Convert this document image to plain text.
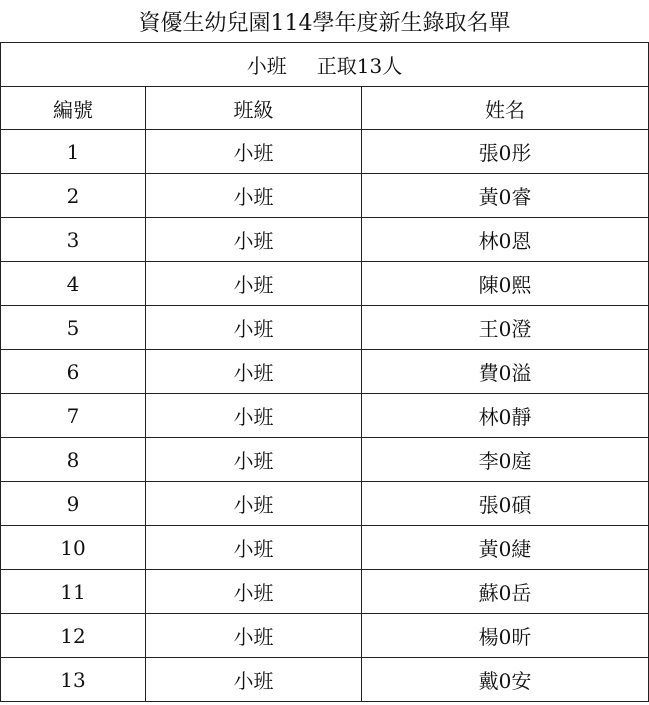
資優生幼兒園114學年度新生錄取名單		
小班 正取13人		
編號	班級	姓名
1	小班	張0彤
2	小班	黃0睿
3	小班	林0恩
4	小班	陳0熙
5	小班	王0澄
6	小班	費0溢
7	小班	林0靜
8	小班	李0庭
9	小班	張0碩
10	小班	黃0緁
11	小班	蘇0岳
12	小班	楊0昕
13	小班	戴0安
